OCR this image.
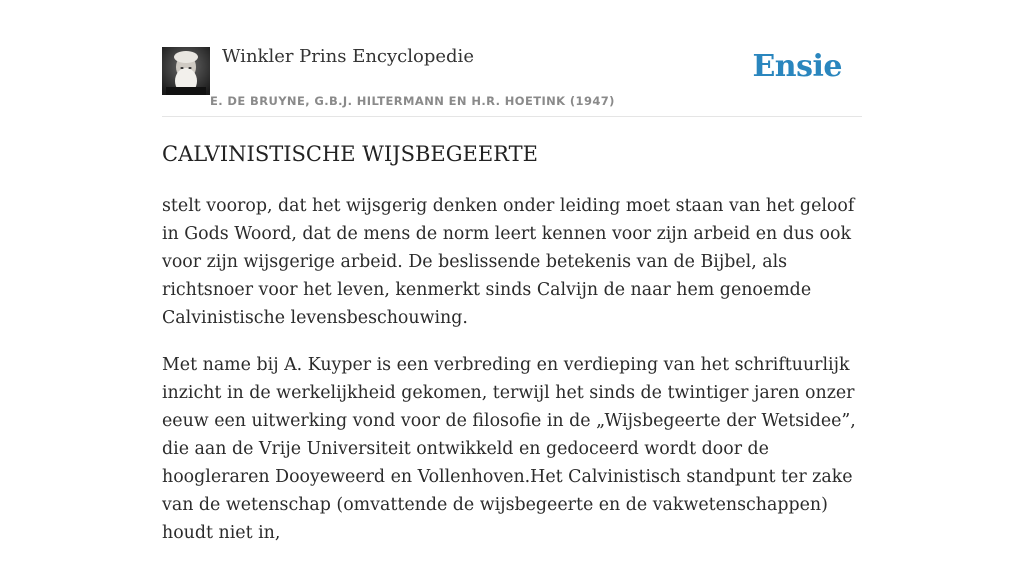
Winkler Prins Encyclopedie
E. DE BRUYNE, G.B.J. HILTERMANN EN H.R. HOETINK (1947)
Ensie
CALVINISTISCHE WIJSBEGEERTE

stelt voorop, dat het wijsgerig denken onder leiding moet staan van het geloof in Gods Woord, dat de mens de norm leert kennen voor zijn arbeid en dus ook voor zijn wijsgerige arbeid. De beslissende betekenis van de Bijbel, als richtsnoer voor het leven, kenmerkt sinds Calvijn de naar hem genoemde Calvinistische levensbeschouwing.

Met name bij A. Kuyper is een verbreding en verdieping van het schriftuurlijk inzicht in de werkelijkheid gekomen, terwijl het sinds de twintiger jaren onzer eeuw een uitwerking vond voor de filosofie in de „Wijsbegeerte der Wetsidee”, die aan de Vrije Universiteit ontwikkeld en gedoceerd wordt door de hoogleraren Dooyeweerd en Vollenhoven.Het Calvinistisch standpunt ter zake van de wetenschap (omvattende de wijsbegeerte en de vakwetenschappen) houdt niet in,
